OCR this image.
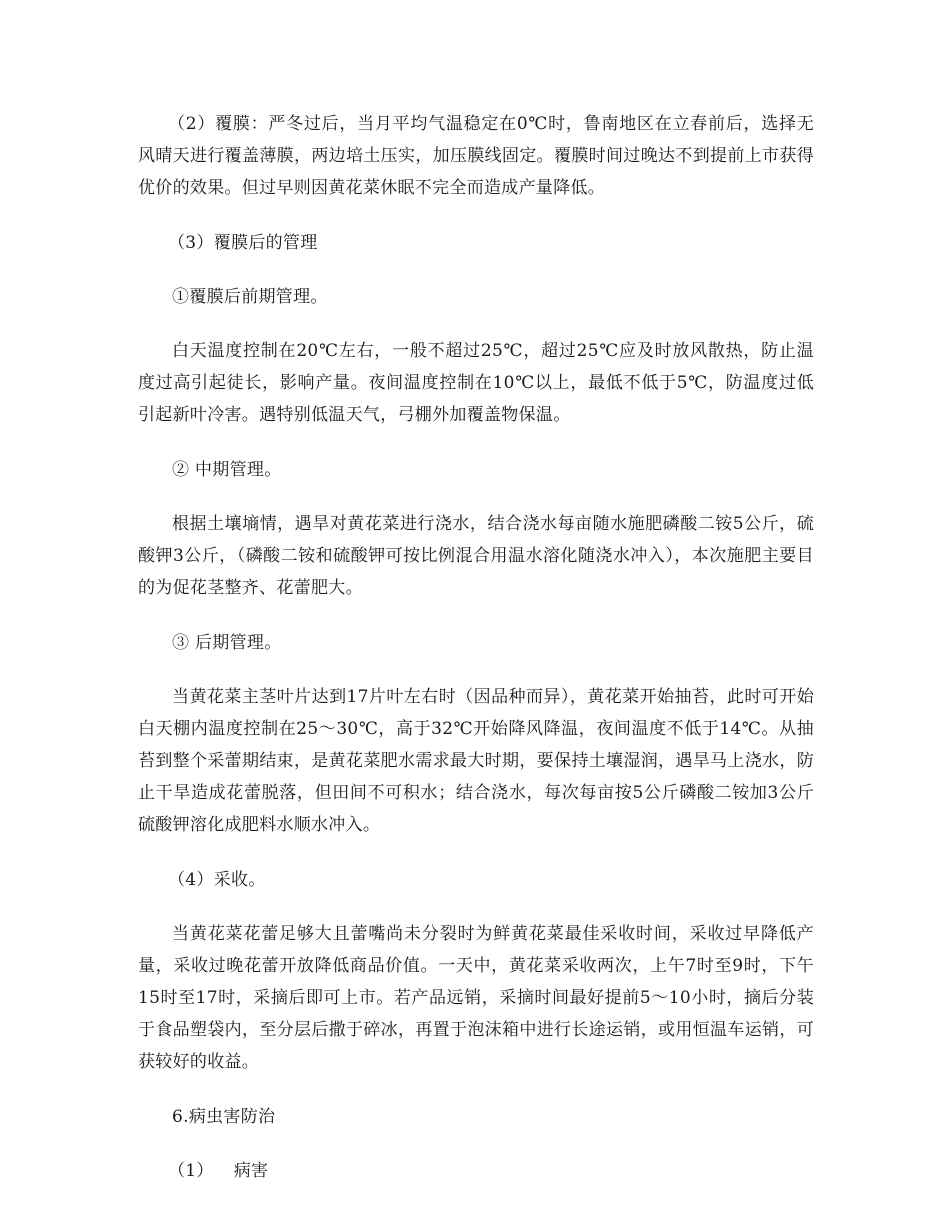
（2）覆膜：严冬过后，当月平均气温稳定在0℃时，鲁南地区在立春前后，选择无风晴天进行覆盖薄膜，两边培土压实，加压膜线固定。覆膜时间过晚达不到提前上市获得优价的效果。但过早则因黄花菜休眠不完全而造成产量降低。

（3）覆膜后的管理

①覆膜后前期管理。

白天温度控制在20℃左右，一般不超过25℃，超过25℃应及时放风散热，防止温度过高引起徒长，影响产量。夜间温度控制在10℃以上，最低不低于5℃，防温度过低引起新叶冷害。遇特别低温天气，弓棚外加覆盖物保温。

② 中期管理。

根据土壤墒情，遇旱对黄花菜进行浇水，结合浇水每亩随水施肥磷酸二铵5公斤，硫酸钾3公斤，（磷酸二铵和硫酸钾可按比例混合用温水溶化随浇水冲入），本次施肥主要目的为促花茎整齐、花蕾肥大。

③ 后期管理。

当黄花菜主茎叶片达到17片叶左右时（因品种而异），黄花菜开始抽苔，此时可开始白天棚内温度控制在25～30℃，高于32℃开始降风降温，夜间温度不低于14℃。从抽苔到整个采蕾期结束，是黄花菜肥水需求最大时期，要保持土壤湿润，遇旱马上浇水，防止干旱造成花蕾脱落，但田间不可积水；结合浇水，每次每亩按5公斤磷酸二铵加3公斤硫酸钾溶化成肥料水顺水冲入。

（4）采收。

当黄花菜花蕾足够大且蕾嘴尚未分裂时为鲜黄花菜最佳采收时间，采收过早降低产量，采收过晚花蕾开放降低商品价值。一天中，黄花菜采收两次，上午7时至9时，下午15时至17时，采摘后即可上市。若产品远销，采摘时间最好提前5～10小时，摘后分装于食品塑袋内，至分层后撒于碎冰，再置于泡沫箱中进行长途运销，或用恒温车运销，可获较好的收益。

6.病虫害防治

（1） 病害
